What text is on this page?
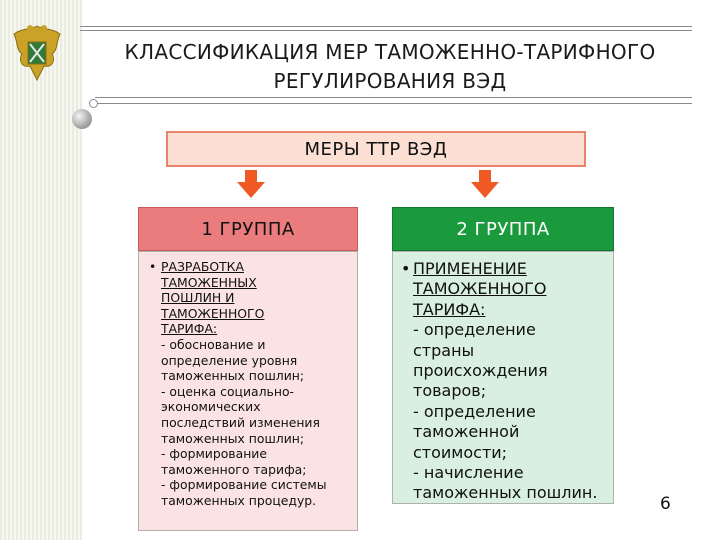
КЛАССИФИКАЦИЯ МЕР ТАМОЖЕННО-ТАРИФНОГО
РЕГУЛИРОВАНИЯ ВЭД
МЕРЫ ТТР ВЭД
1 ГРУППА
• РАЗРАБОТКА
ТАМОЖЕННЫХ
ПОШЛИН И
ТАМОЖЕННОГО
ТАРИФА:
- обоснование и
определение уровня
таможенных пошлин;
- оценка социально-
экономических
последствий изменения
таможенных пошлин;
- формирование
таможенного тарифа;
- формирование системы
таможенных процедур.
2 ГРУППА
• ПРИМЕНЕНИЕ
ТАМОЖЕННОГО
ТАРИФА:
- определение
страны
происхождения
товаров;
- определение
таможенной
стоимости;
- начисление
таможенных пошлин.
6
